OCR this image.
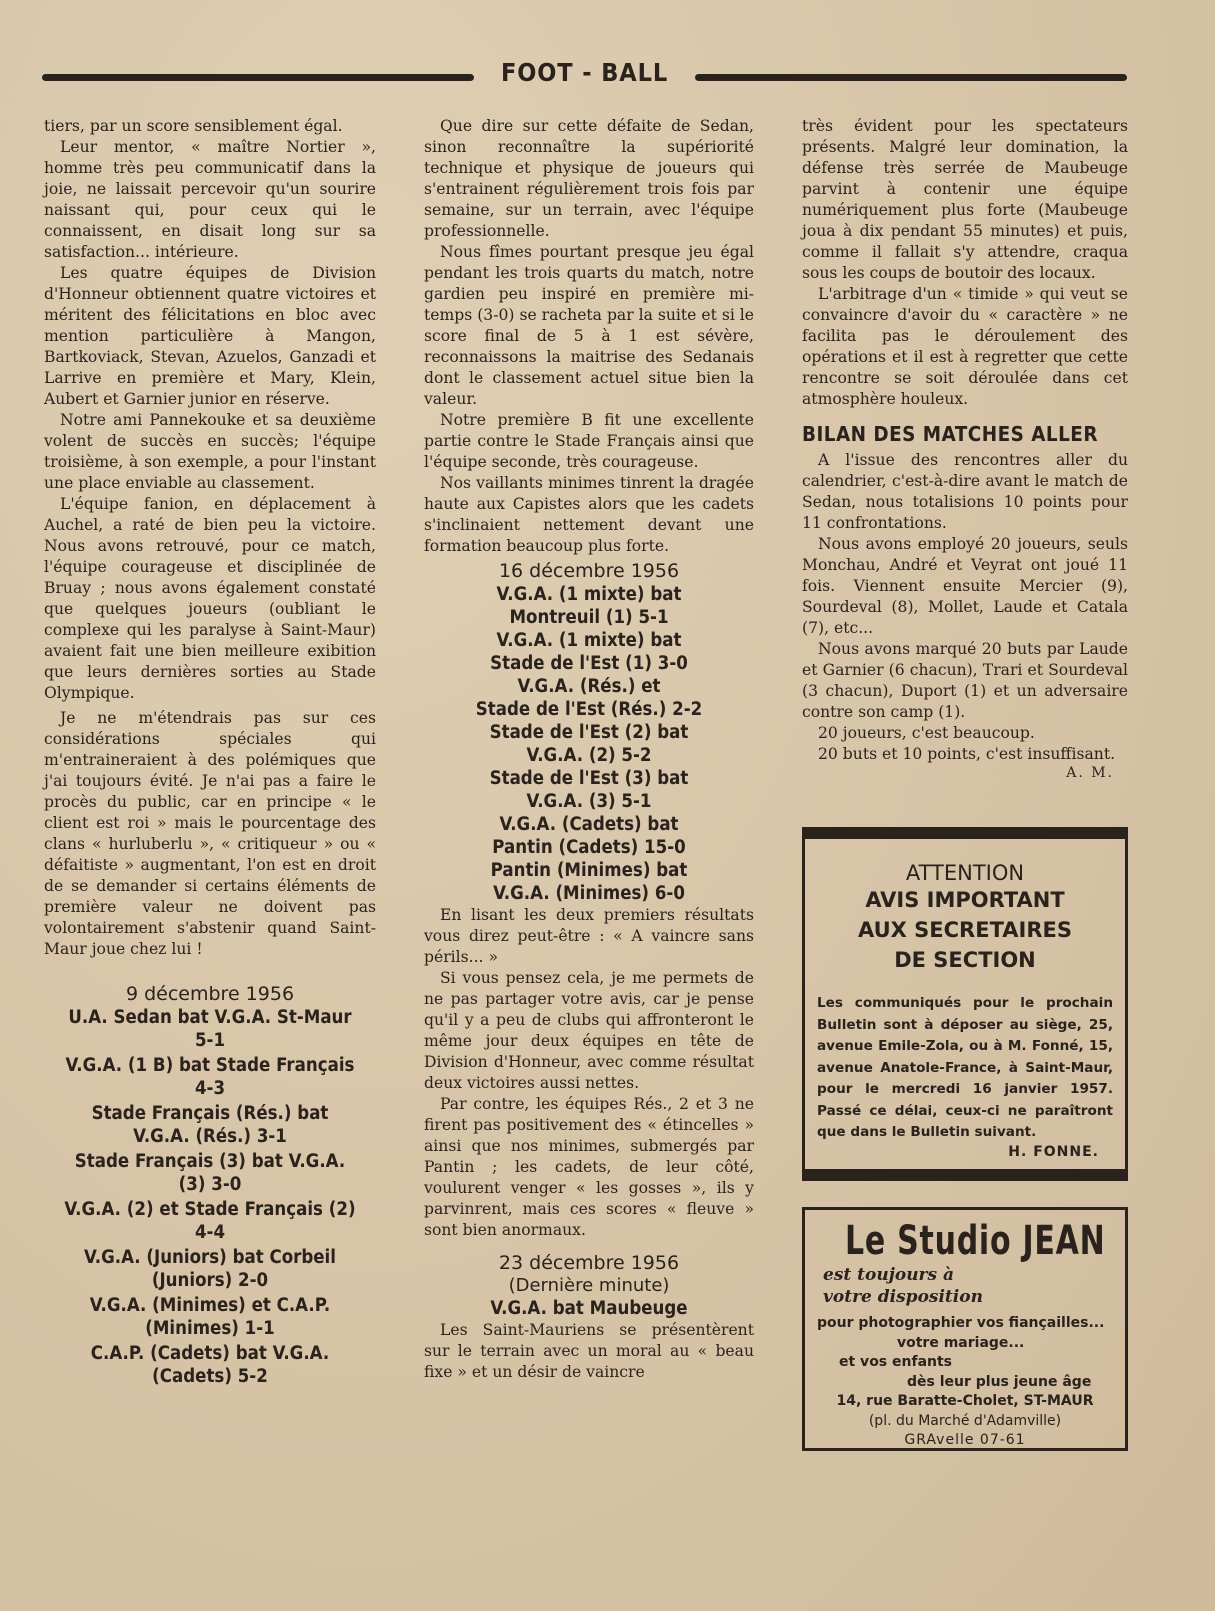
FOOT - BALL

tiers, par un score sensiblement égal.

Leur mentor, « maître Nortier », homme très peu communicatif dans la joie, ne laissait percevoir qu'un sourire naissant qui, pour ceux qui le connaissent, en disait long sur sa satisfaction... intérieure.

Les quatre équipes de Division d'Honneur obtiennent quatre victoires et méritent des félicitations en bloc avec mention particulière à Mangon, Bartkoviack, Stevan, Azuelos, Ganzadi et Larrive en première et Mary, Klein, Aubert et Garnier junior en réserve.

Notre ami Pannekouke et sa deuxième volent de succès en succès; l'équipe troisième, à son exemple, a pour l'instant une place enviable au classement.

L'équipe fanion, en déplacement à Auchel, a raté de bien peu la victoire. Nous avons retrouvé, pour ce match, l'équipe courageuse et disciplinée de Bruay ; nous avons également constaté que quelques joueurs (oubliant le complexe qui les paralyse à Saint-Maur) avaient fait une bien meilleure exibition que leurs dernières sorties au Stade Olympique.

Je ne m'étendrais pas sur ces considérations spéciales qui m'entraineraient à des polémiques que j'ai toujours évité. Je n'ai pas a faire le procès du public, car en principe « le client est roi » mais le pourcentage des clans « hurluberlu », « critiqueur » ou « défaitiste » augmentant, l'on est en droit de se demander si certains éléments de première valeur ne doivent pas volontairement s'abstenir quand Saint-Maur joue chez lui !

9 décembre 1956
U.A. Sedan bat V.G.A. St-Maur 5-1
V.G.A. (1 B) bat Stade Français 4-3
Stade Français (Rés.) bat V.G.A. (Rés.) 3-1
Stade Français (3) bat V.G.A. (3) 3-0
V.G.A. (2) et Stade Français (2) 4-4
V.G.A. (Juniors) bat Corbeil (Juniors) 2-0
V.G.A. (Minimes) et C.A.P. (Minimes) 1-1
C.A.P. (Cadets) bat V.G.A. (Cadets) 5-2

Que dire sur cette défaite de Sedan, sinon reconnaître la supériorité technique et physique de joueurs qui s'entrainent régulièrement trois fois par semaine, sur un terrain, avec l'équipe professionnelle.

Nous fîmes pourtant presque jeu égal pendant les trois quarts du match, notre gardien peu inspiré en première mi-temps (3-0) se racheta par la suite et si le score final de 5 à 1 est sévère, reconnaissons la maitrise des Sedanais dont le classement actuel situe bien la valeur.

Notre première B fit une excellente partie contre le Stade Français ainsi que l'équipe seconde, très courageuse.

Nos vaillants minimes tinrent la dragée haute aux Capistes alors que les cadets s'inclinaient nettement devant une formation beaucoup plus forte.

16 décembre 1956
V.G.A. (1 mixte) bat
Montreuil (1) 5-1
V.G.A. (1 mixte) bat
Stade de l'Est (1) 3-0
V.G.A. (Rés.) et
Stade de l'Est (Rés.) 2-2
Stade de l'Est (2) bat
V.G.A. (2) 5-2
Stade de l'Est (3) bat
V.G.A. (3) 5-1
V.G.A. (Cadets) bat
Pantin (Cadets) 15-0
Pantin (Minimes) bat
V.G.A. (Minimes) 6-0

En lisant les deux premiers résultats vous direz peut-être : « A vaincre sans périls... »

Si vous pensez cela, je me permets de ne pas partager votre avis, car je pense qu'il y a peu de clubs qui affronteront le même jour deux équipes en tête de Division d'Honneur, avec comme résultat deux victoires aussi nettes.

Par contre, les équipes Rés., 2 et 3 ne firent pas positivement des « étincelles » ainsi que nos minimes, submergés par Pantin ; les cadets, de leur côté, voulurent venger « les gosses », ils y parvinrent, mais ces scores « fleuve » sont bien anormaux.

23 décembre 1956
(Dernière minute)
V.G.A. bat Maubeuge

Les Saint-Mauriens se présentèrent sur le terrain avec un moral au « beau fixe » et un désir de vaincre

très évident pour les spectateurs présents. Malgré leur domination, la défense très serrée de Maubeuge parvint à contenir une équipe numériquement plus forte (Maubeuge joua à dix pendant 55 minutes) et puis, comme il fallait s'y attendre, craqua sous les coups de boutoir des locaux.

L'arbitrage d'un « timide » qui veut se convaincre d'avoir du « caractère » ne facilita pas le déroulement des opérations et il est à regretter que cette rencontre se soit déroulée dans cet atmosphère houleux.

BILAN DES MATCHES ALLER

A l'issue des rencontres aller du calendrier, c'est-à-dire avant le match de Sedan, nous totalisions 10 points pour 11 confrontations.

Nous avons employé 20 joueurs, seuls Monchau, André et Veyrat ont joué 11 fois. Viennent ensuite Mercier (9), Sourdeval (8), Mollet, Laude et Catala (7), etc...

Nous avons marqué 20 buts par Laude et Garnier (6 chacun), Trari et Sourdeval (3 chacun), Duport (1) et un adversaire contre son camp (1).

20 joueurs, c'est beaucoup.

20 buts et 10 points, c'est insuffisant.

A. M.
ATTENTION
AVIS IMPORTANT
AUX SECRETAIRES
DE SECTION
Les communiqués pour le prochain Bulletin sont à déposer au siège, 25, avenue Emile-Zola, ou à M. Fonné, 15, avenue Anatole-France, à Saint-Maur, pour le mercredi 16 janvier 1957. Passé ce délai, ceux-ci ne paraîtront que dans le Bulletin suivant.
H. FONNE.
Le Studio JEAN
est toujours à
votre disposition
pour photographier vos fiançailles...
votre mariage...
et vos enfants
dès leur plus jeune âge
14, rue Baratte-Cholet, ST-MAUR
(pl. du Marché d'Adamville)
GRAvelle 07-61
